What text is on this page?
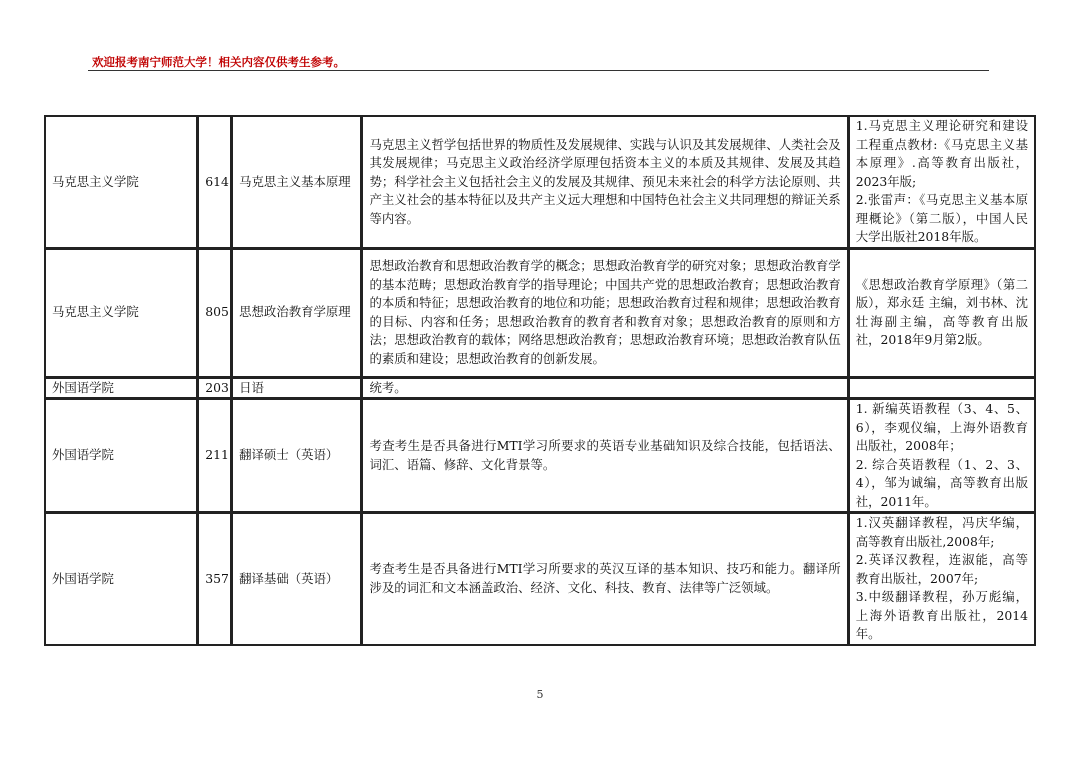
欢迎报考南宁师范大学！相关内容仅供考生参考。
马克思主义学院	614	马克思主义基本原理	马克思主义哲学包括世界的物质性及发展规律、实践与认识及其发展规律、人类社会及其发展规律；马克思主义政治经济学原理包括资本主义的本质及其规律、发展及其趋势；科学社会主义包括社会主义的发展及其规律、预见未来社会的科学方法论原则、共产主义社会的基本特征以及共产主义远大理想和中国特色社会主义共同理想的辩证关系等内容。	1.马克思主义理论研究和建设工程重点教材:《马克思主义基本原理》.高等教育出版社，2023年版;
2.张雷声：《马克思主义基本原理概论》（第二版），中国人民大学出版社2018年版。

马克思主义学院	805	思想政治教育学原理	思想政治教育和思想政治教育学的概念；思想政治教育学的研究对象；思想政治教育学的基本范畴；思想政治教育学的指导理论；中国共产党的思想政治教育；思想政治教育的本质和特征；思想政治教育的地位和功能；思想政治教育过程和规律；思想政治教育的目标、内容和任务；思想政治教育的教育者和教育对象；思想政治教育的原则和方法；思想政治教育的载体；网络思想政治教育；思想政治教育环境；思想政治教育队伍的素质和建设；思想政治教育的创新发展。	《思想政治教育学原理》（第二版），郑永廷 主编，刘书林、沈壮海副主编，高等教育出版社，2018年9月第2版。

外国语学院	203	日语	统考。	
外国语学院	211	翻译硕士（英语）	考查考生是否具备进行MTI学习所要求的英语专业基础知识及综合技能，包括语法、词汇、语篇、修辞、文化背景等。	1. 新编英语教程（3、4、5、6），李观仪编，上海外语教育出版社，2008年；
2. 综合英语教程（1、2、3、4），邹为诚编，高等教育出版社，2011年。

外国语学院	357	翻译基础（英语）	考查考生是否具备进行MTI学习所要求的英汉互译的基本知识、技巧和能力。翻译所涉及的词汇和文本涵盖政治、经济、文化、科技、教育、法律等广泛领域。	1.汉英翻译教程，冯庆华编，高等教育出版社,2008年;
2.英译汉教程，连淑能，高等教育出版社，2007年;
3.中级翻译教程，孙万彪编，上海外语教育出版社，2014年。
5
